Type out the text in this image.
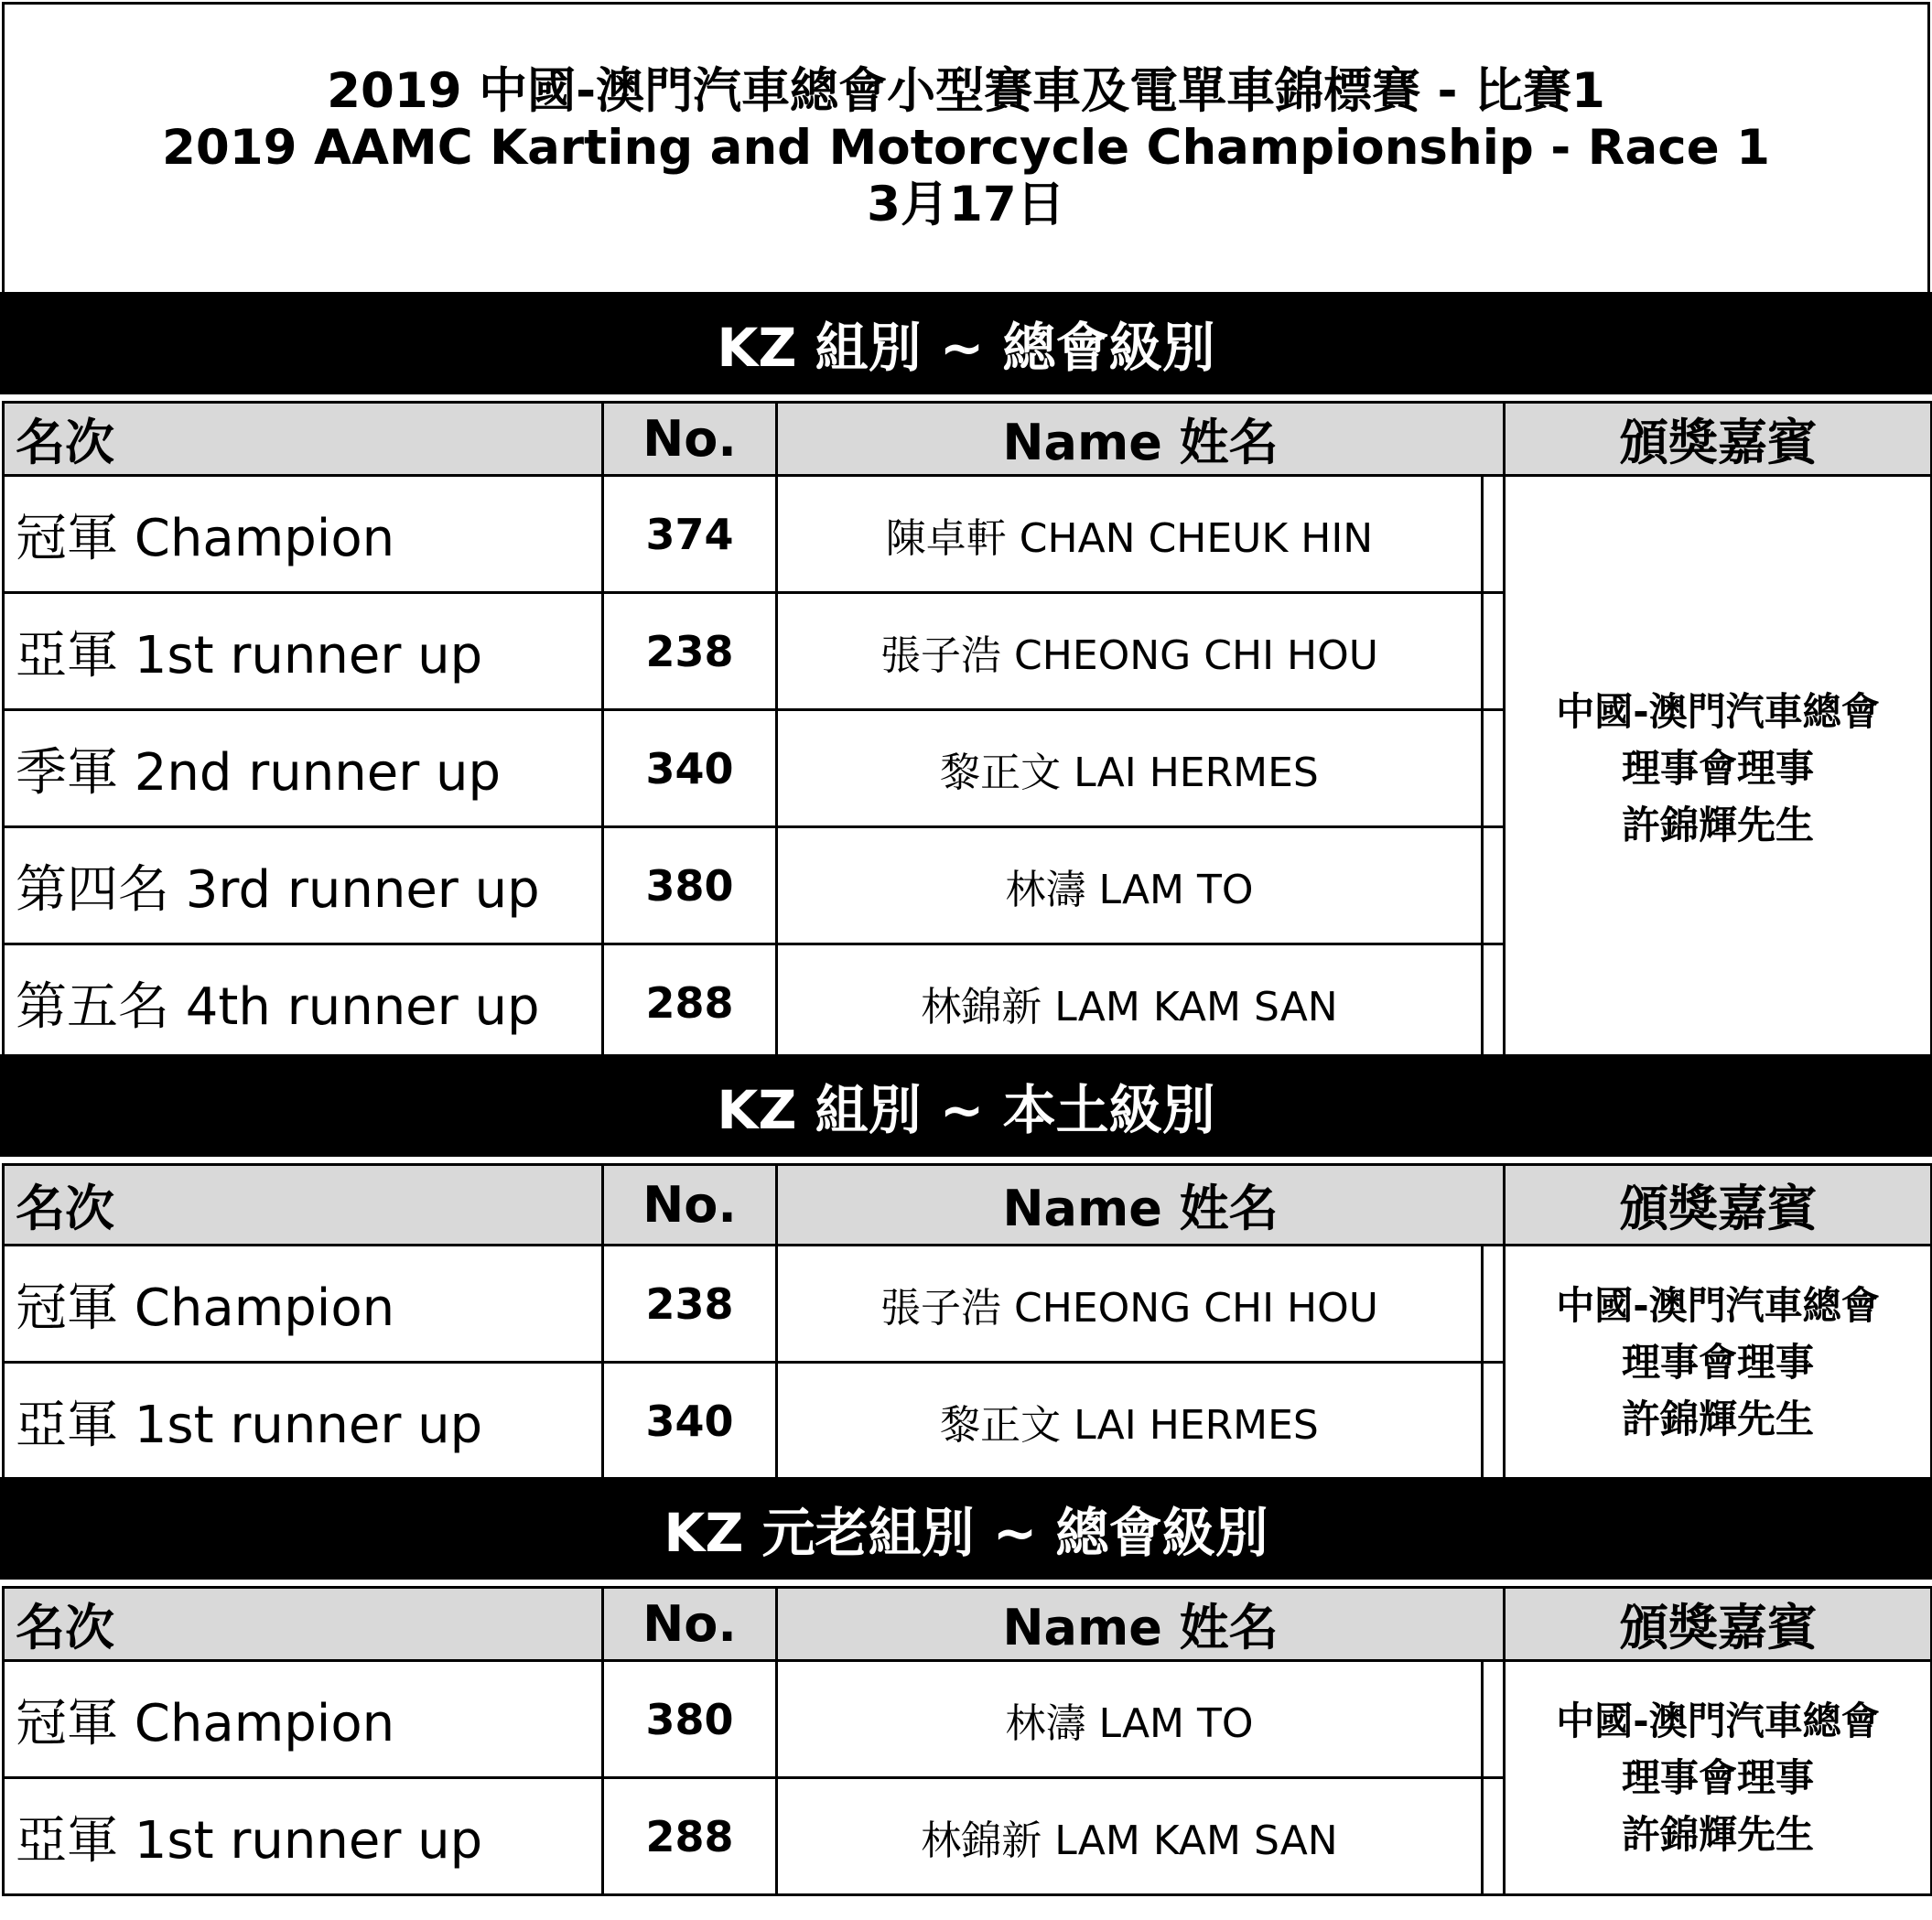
2019 中國-澳門汽車總會小型賽車及電單車錦標賽 - 比賽1
2019 AAMC Karting and Motorcycle Championship - Race 1
3月17日
KZ 組別 ~ 總會級別
名次	No.	Name 姓名		頒獎嘉賓
冠軍 Champion	374	陳卓軒 CHAN CHEUK HIN		中國-澳門汽車總會
理事會理事
許錦輝先生

亞軍 1st runner up	238	張子浩 CHEONG CHI HOU		
季軍 2nd runner up	340	黎正文 LAI HERMES		
第四名 3rd runner up	380	林濤 LAM TO		
第五名 4th runner up	288	林錦新 LAM KAM SAN		
KZ 組別 ~ 本土級別
名次	No.	Name 姓名		頒獎嘉賓
冠軍 Champion	238	張子浩 CHEONG CHI HOU		中國-澳門汽車總會
理事會理事
許錦輝先生

亞軍 1st runner up	340	黎正文 LAI HERMES		
KZ 元老組別 ~ 總會級別
名次	No.	Name 姓名		頒獎嘉賓
冠軍 Champion	380	林濤 LAM TO		中國-澳門汽車總會
理事會理事
許錦輝先生

亞軍 1st runner up	288	林錦新 LAM KAM SAN		
